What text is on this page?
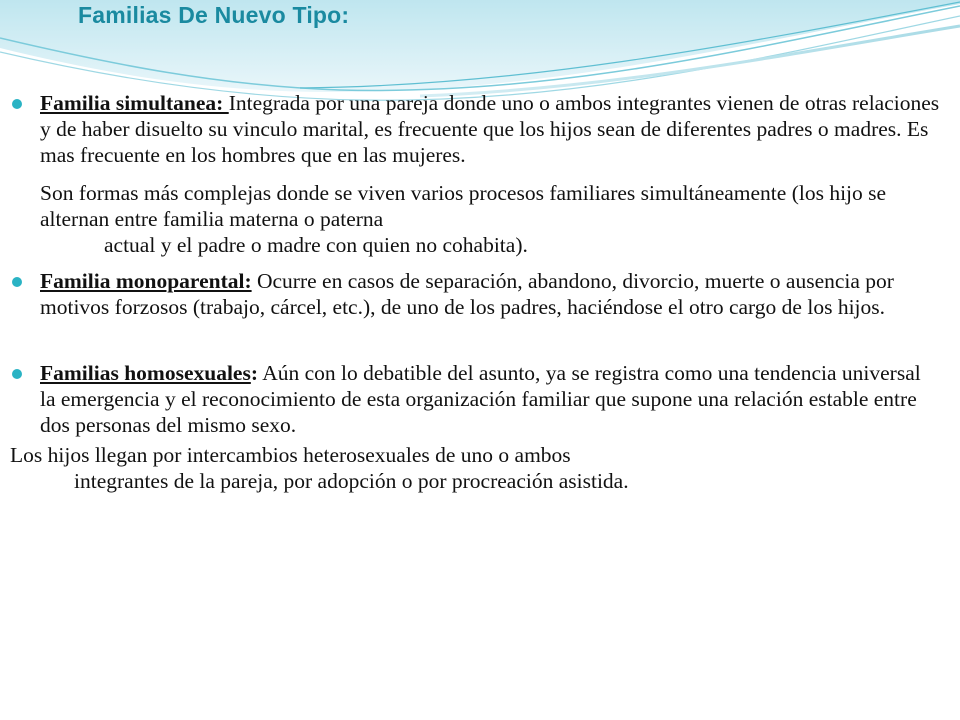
Familias De Nuevo Tipo:

Familia simultanea: Integrada por una pareja donde uno o ambos integrantes vienen de otras relaciones y de haber disuelto su vinculo marital, es frecuente que los hijos sean de diferentes padres o madres. Es mas frecuente en los hombres que en las mujeres.

Son formas más complejas donde se viven varios procesos familiares simultáneamente (los hijo se alternan entre familia materna o paterna
actual y el padre o madre con quien no cohabita).

Familia monoparental: Ocurre en casos de separación, abandono, divorcio, muerte o ausencia por motivos forzosos (trabajo, cárcel, etc.), de uno de los padres, haciéndose el otro cargo de los hijos.

Familias homosexuales: Aún con lo debatible del asunto, ya se registra como una tendencia universal la emergencia y el reconocimiento de esta organización familiar que supone una relación estable entre dos personas del mismo sexo.

Los hijos llegan por intercambios heterosexuales de uno o ambos
integrantes de la pareja, por adopción o por procreación asistida.
